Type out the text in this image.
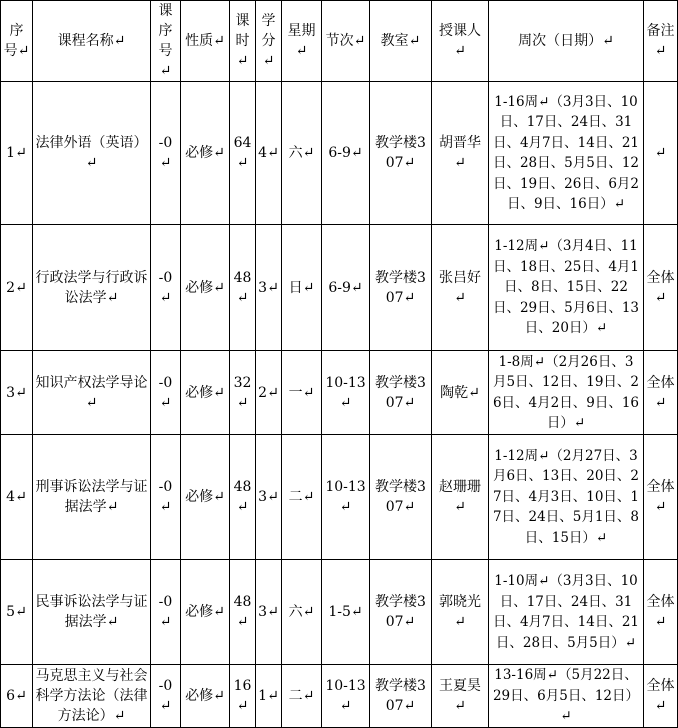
序号↵	课程名称↵	课序号↵	性质↵	课时↵	学分↵	星期↵	节次↵	教室↵	授课人↵	周次（日期）↵	备注↵
1↵	法律外语（英语）↵	-0↵	必修↵	64↵	4↵	六↵	6-9↵	教学楼307↵	胡晋华↵	1-16周↵（3月3日、10日、17日、24日、31日、4月7日、14日、21日、28日、5月5日、12日、19日、26日、6月2日、9日、16日）↵	↵
2↵	行政法学与行政诉讼法学↵	-0↵	必修↵	48↵	3↵	日↵	6-9↵	教学楼307↵	张吕好↵	1-12周↵（3月4日、11日、18日、25日、4月1日、8日、15日、22日、29日、5月6日、13日、20日）↵	全体↵
3↵	知识产权法学导论↵	-0↵	必修↵	32↵	2↵	一↵	10-13↵	教学楼307↵	陶乾↵	1-8周↵（2月26日、3月5日、12日、19日、26日、4月2日、9日、16日）↵	全体↵
4↵	刑事诉讼法学与证据法学↵	-0↵	必修↵	48↵	3↵	二↵	10-13↵	教学楼307↵	赵珊珊↵	1-12周↵（2月27日、3月6日、13日、20日、27日、4月3日、10日、17日、24日、5月1日、8日、15日）↵	全体↵
5↵	民事诉讼法学与证据法学↵	-0↵	必修↵	48↵	3↵	六↵	1-5↵	教学楼307↵	郭晓光↵	1-10周↵（3月3日、10日、17日、24日、31日、4月7日、14日、21日、28日、5月5日）↵	全体↵
6↵	马克思主义与社会科学方法论（法律方法论）↵	-0↵	必修↵	16↵	1↵	二↵	10-13↵	教学楼307↵	王夏昊↵	13-16周↵（5月22日、29日、6月5日、12日）↵	全体↵
